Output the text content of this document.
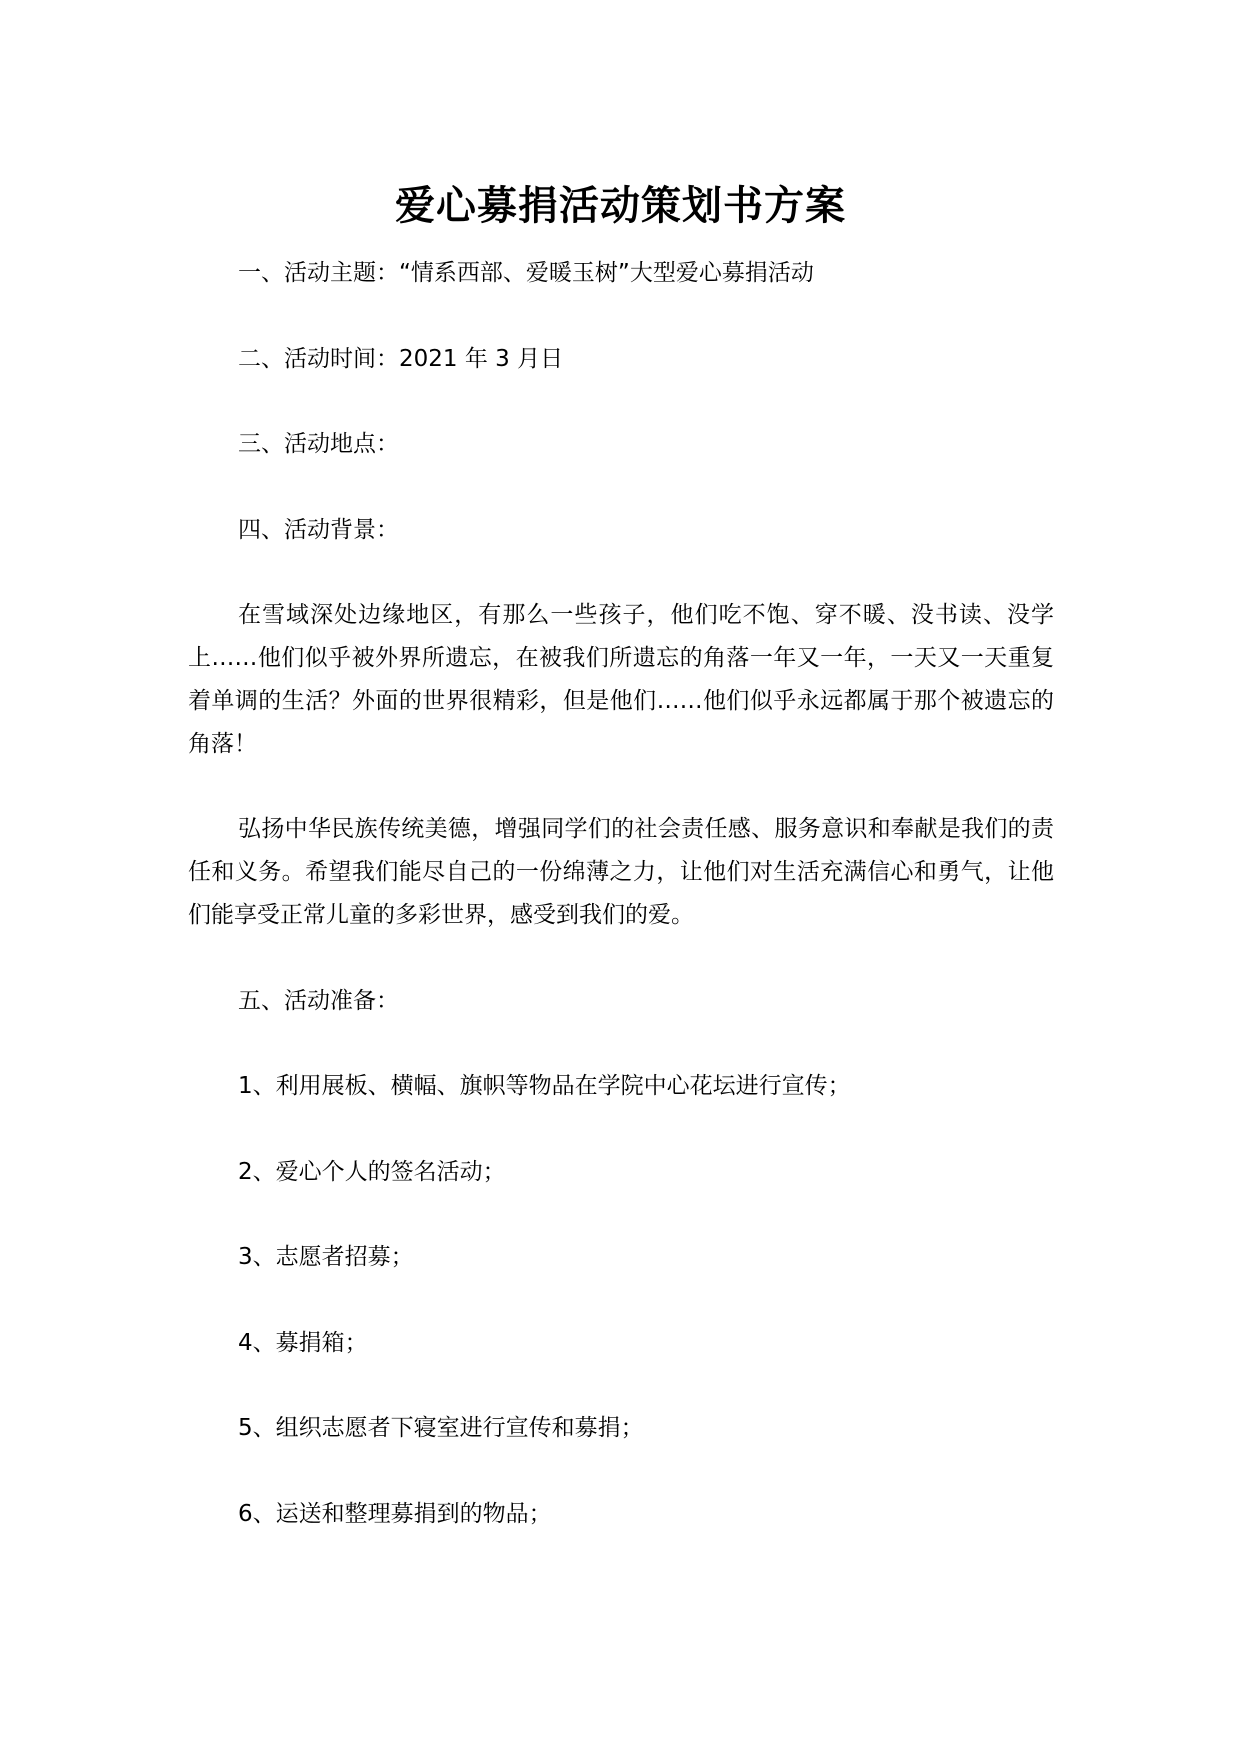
爱心募捐活动策划书方案
一、活动主题：“情系西部、爱暖玉树”大型爱心募捐活动
二、活动时间：2021 年 3 月日
三、活动地点：
四、活动背景：
在雪域深处边缘地区，有那么一些孩子，他们吃不饱、穿不暖、没书读、没学上……他们似乎被外界所遗忘，在被我们所遗忘的角落一年又一年，一天又一天重复着单调的生活？外面的世界很精彩，但是他们……他们似乎永远都属于那个被遗忘的角落！
弘扬中华民族传统美德，增强同学们的社会责任感、服务意识和奉献是我们的责任和义务。希望我们能尽自己的一份绵薄之力，让他们对生活充满信心和勇气，让他们能享受正常儿童的多彩世界，感受到我们的爱。
五、活动准备：
1、利用展板、横幅、旗帜等物品在学院中心花坛进行宣传；
2、爱心个人的签名活动；
3、志愿者招募；
4、募捐箱；
5、组织志愿者下寝室进行宣传和募捐；
6、运送和整理募捐到的物品；
